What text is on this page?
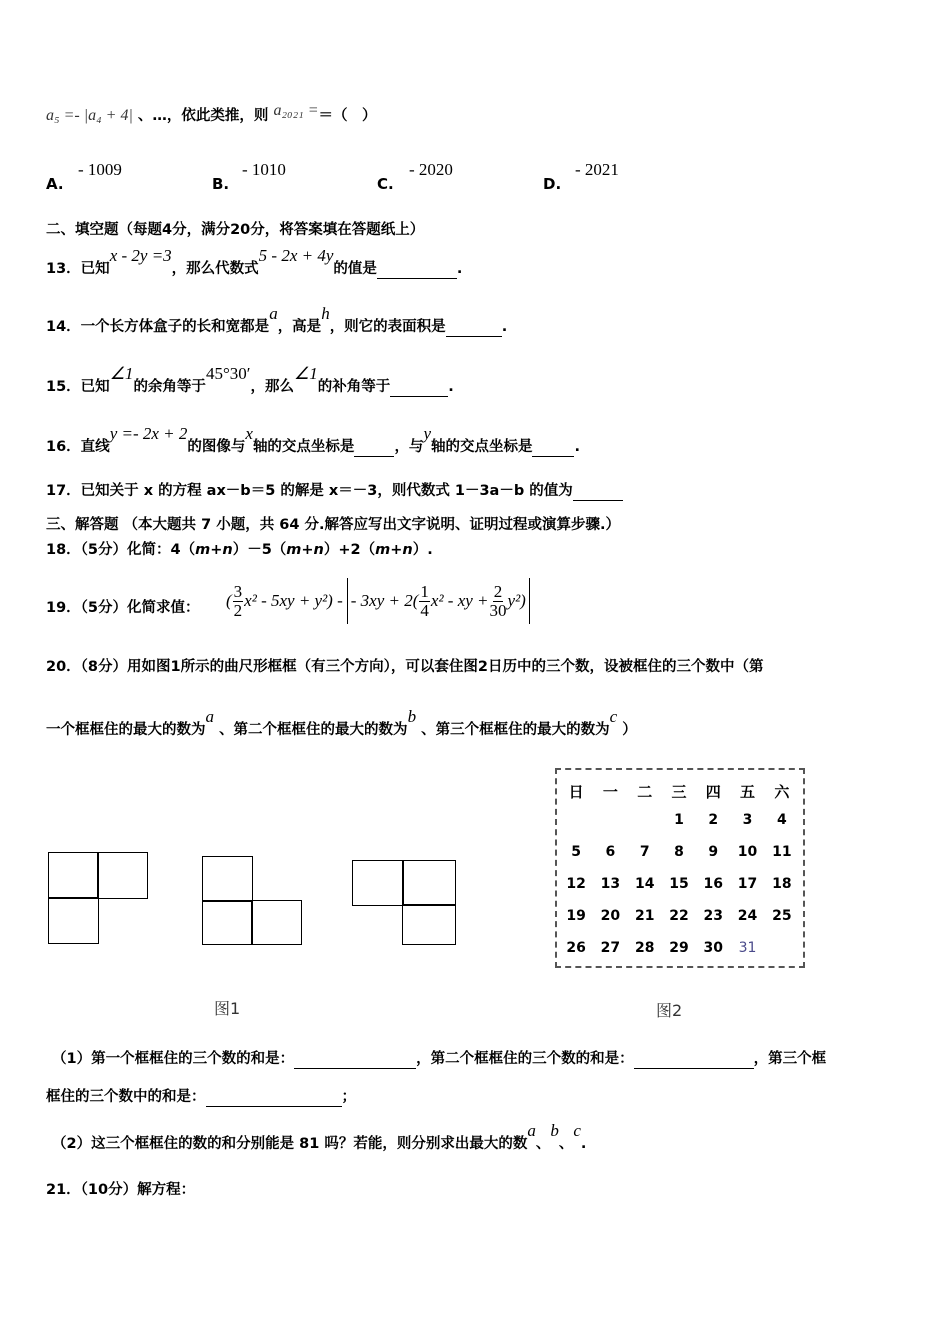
a₅ =- |a₄ + 4| 、…，依此类推，则 a₂₀₂₁ =＝（　）
A.
- 1009
B.
- 1010
C.
- 2020
D.
- 2021
二、填空题（每题4分，满分20分，将答案填在答题纸上）
13．已知x - 2y =3，那么代数式5 - 2x + 4y的值是	.
14．一个长方体盒子的长和宽都是a，高是h，则它的表面积是	.
15．已知∠1的余角等于45°30′，那么∠1的补角等于	.
16．直线y =- 2x + 2的图像与x轴的交点坐标是	，与y轴的交点坐标是	.
17．已知关于 x 的方程 ax－b＝5 的解是 x＝－3，则代数式 1－3a－b 的值为
三、解答题 （本大题共 7 小题，共 64 分.解答应写出文字说明、证明过程或演算步骤.）
18．（5分）化简：4（m+n）－5（m+n）+2（m+n）.
19．（5分）化简求值： ( $\frac{3}{2} x^2 - 5xy + y^2$) - - $3xy + 2( \frac{1}{4} x^2$ - xy + $\frac{2}{30} y^2$)
20．（8分）用如图1所示的曲尺形框框（有三个方向），可以套住图2日历中的三个数，设被框住的三个数中（第
一个框框住的最大的数为a 、第二个框框住的最大的数为b 、第三个框框住的最大的数为c ）
图1
日	一	二	三	四	五	六
			1	2	3	4
5	6	7	8	9	10	11
12	13	14	15	16	17	18
19	20	21	22	23	24	25
26	27	28	29	30	31	
图2
（1）第一个框框住的三个数的和是：	，第二个框框住的三个数的和是：	，第三个框
框住的三个数中的和是：	；
（2）这三个框框住的数的和分别能是 81 吗？若能，则分别求出最大的数a、b、c.
21．（10分）解方程：
